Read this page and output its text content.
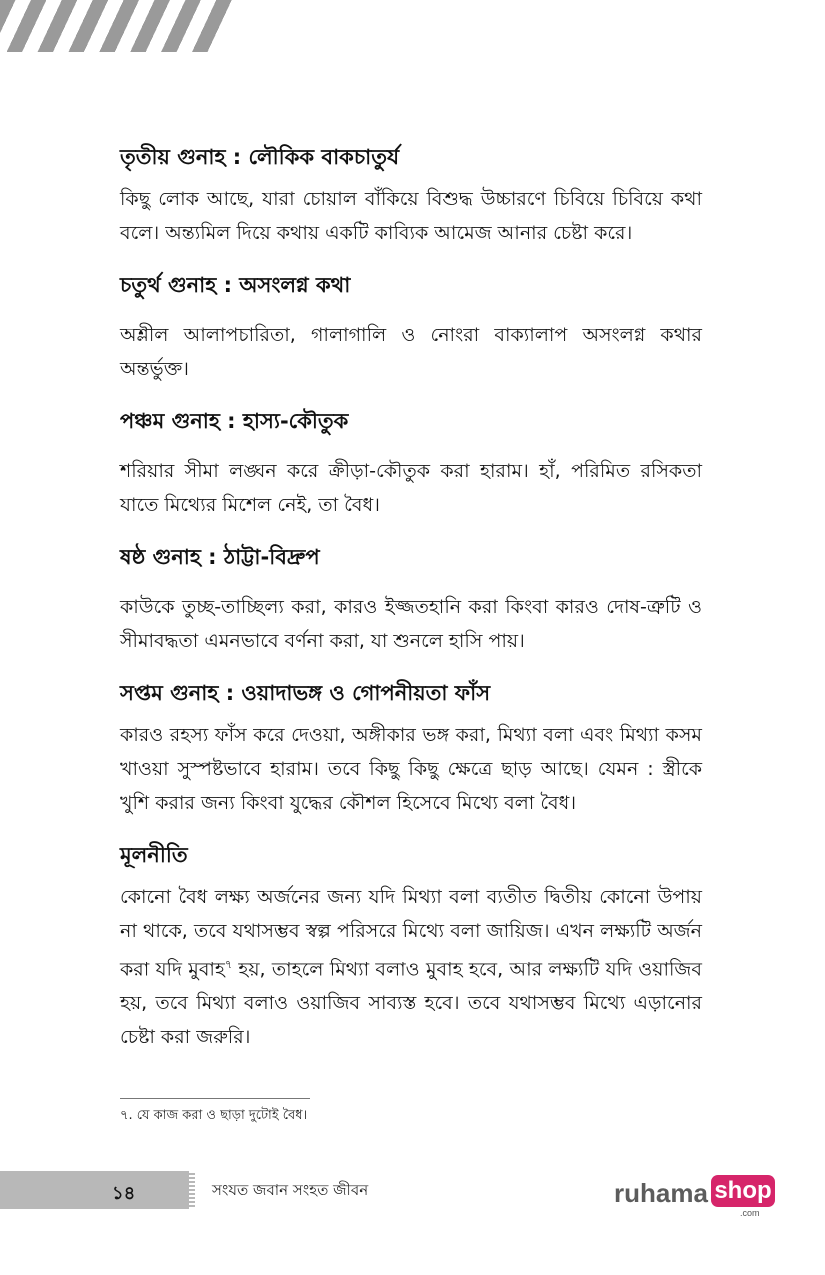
তৃতীয় গুনাহ : লৌকিক বাকচাতুর্য

কিছু লোক আছে, যারা চোয়াল বাঁকিয়ে বিশুদ্ধ উচ্চারণে চিবিয়ে চিবিয়ে কথা বলে। অন্ত্যমিল দিয়ে কথায় একটি কাব্যিক আমেজ আনার চেষ্টা করে।

চতুর্থ গুনাহ : অসংলগ্ন কথা

অশ্লীল আলাপচারিতা, গালাগালি ও নোংরা বাক্যালাপ অসংলগ্ন কথার অন্তর্ভুক্ত।

পঞ্চম গুনাহ : হাস্য-কৌতুক

শরিয়ার সীমা লঙ্ঘন করে ক্রীড়া-কৌতুক করা হারাম। হাঁ, পরিমিত রসিকতা যাতে মিথ্যের মিশেল নেই, তা বৈধ।

ষষ্ঠ গুনাহ : ঠাট্টা-বিদ্রুপ

কাউকে তুচ্ছ-তাচ্ছিল্য করা, কারও ইজ্জতহানি করা কিংবা কারও দোষ-ত্রুটি ও সীমাবদ্ধতা এমনভাবে বর্ণনা করা, যা শুনলে হাসি পায়।

সপ্তম গুনাহ : ওয়াদাভঙ্গ ও গোপনীয়তা ফাঁস

কারও রহস্য ফাঁস করে দেওয়া, অঙ্গীকার ভঙ্গ করা, মিথ্যা বলা এবং মিথ্যা কসম খাওয়া সুস্পষ্টভাবে হারাম। তবে কিছু কিছু ক্ষেত্রে ছাড় আছে। যেমন : স্ত্রীকে খুশি করার জন্য কিংবা যুদ্ধের কৌশল হিসেবে মিথ্যে বলা বৈধ।

মূলনীতি

কোনো বৈধ লক্ষ্য অর্জনের জন্য যদি মিথ্যা বলা ব্যতীত দ্বিতীয় কোনো উপায় না থাকে, তবে যথাসম্ভব স্বল্প পরিসরে মিথ্যে বলা জায়িজ। এখন লক্ষ্যটি অর্জন করা যদি মুবাহ$^৭$ হয়, তাহলে মিথ্যা বলাও মুবাহ হবে, আর লক্ষ্যটি যদি ওয়াজিব হয়, তবে মিথ্যা বলাও ওয়াজিব সাব্যস্ত হবে। তবে যথাসম্ভব মিথ্যে এড়ানোর চেষ্টা করা জরুরি।

৭. যে কাজ করা ও ছাড়া দুটোই বৈধ।
১৪	সংযত জবান সংহত জীবন	ruhama shop
.com
